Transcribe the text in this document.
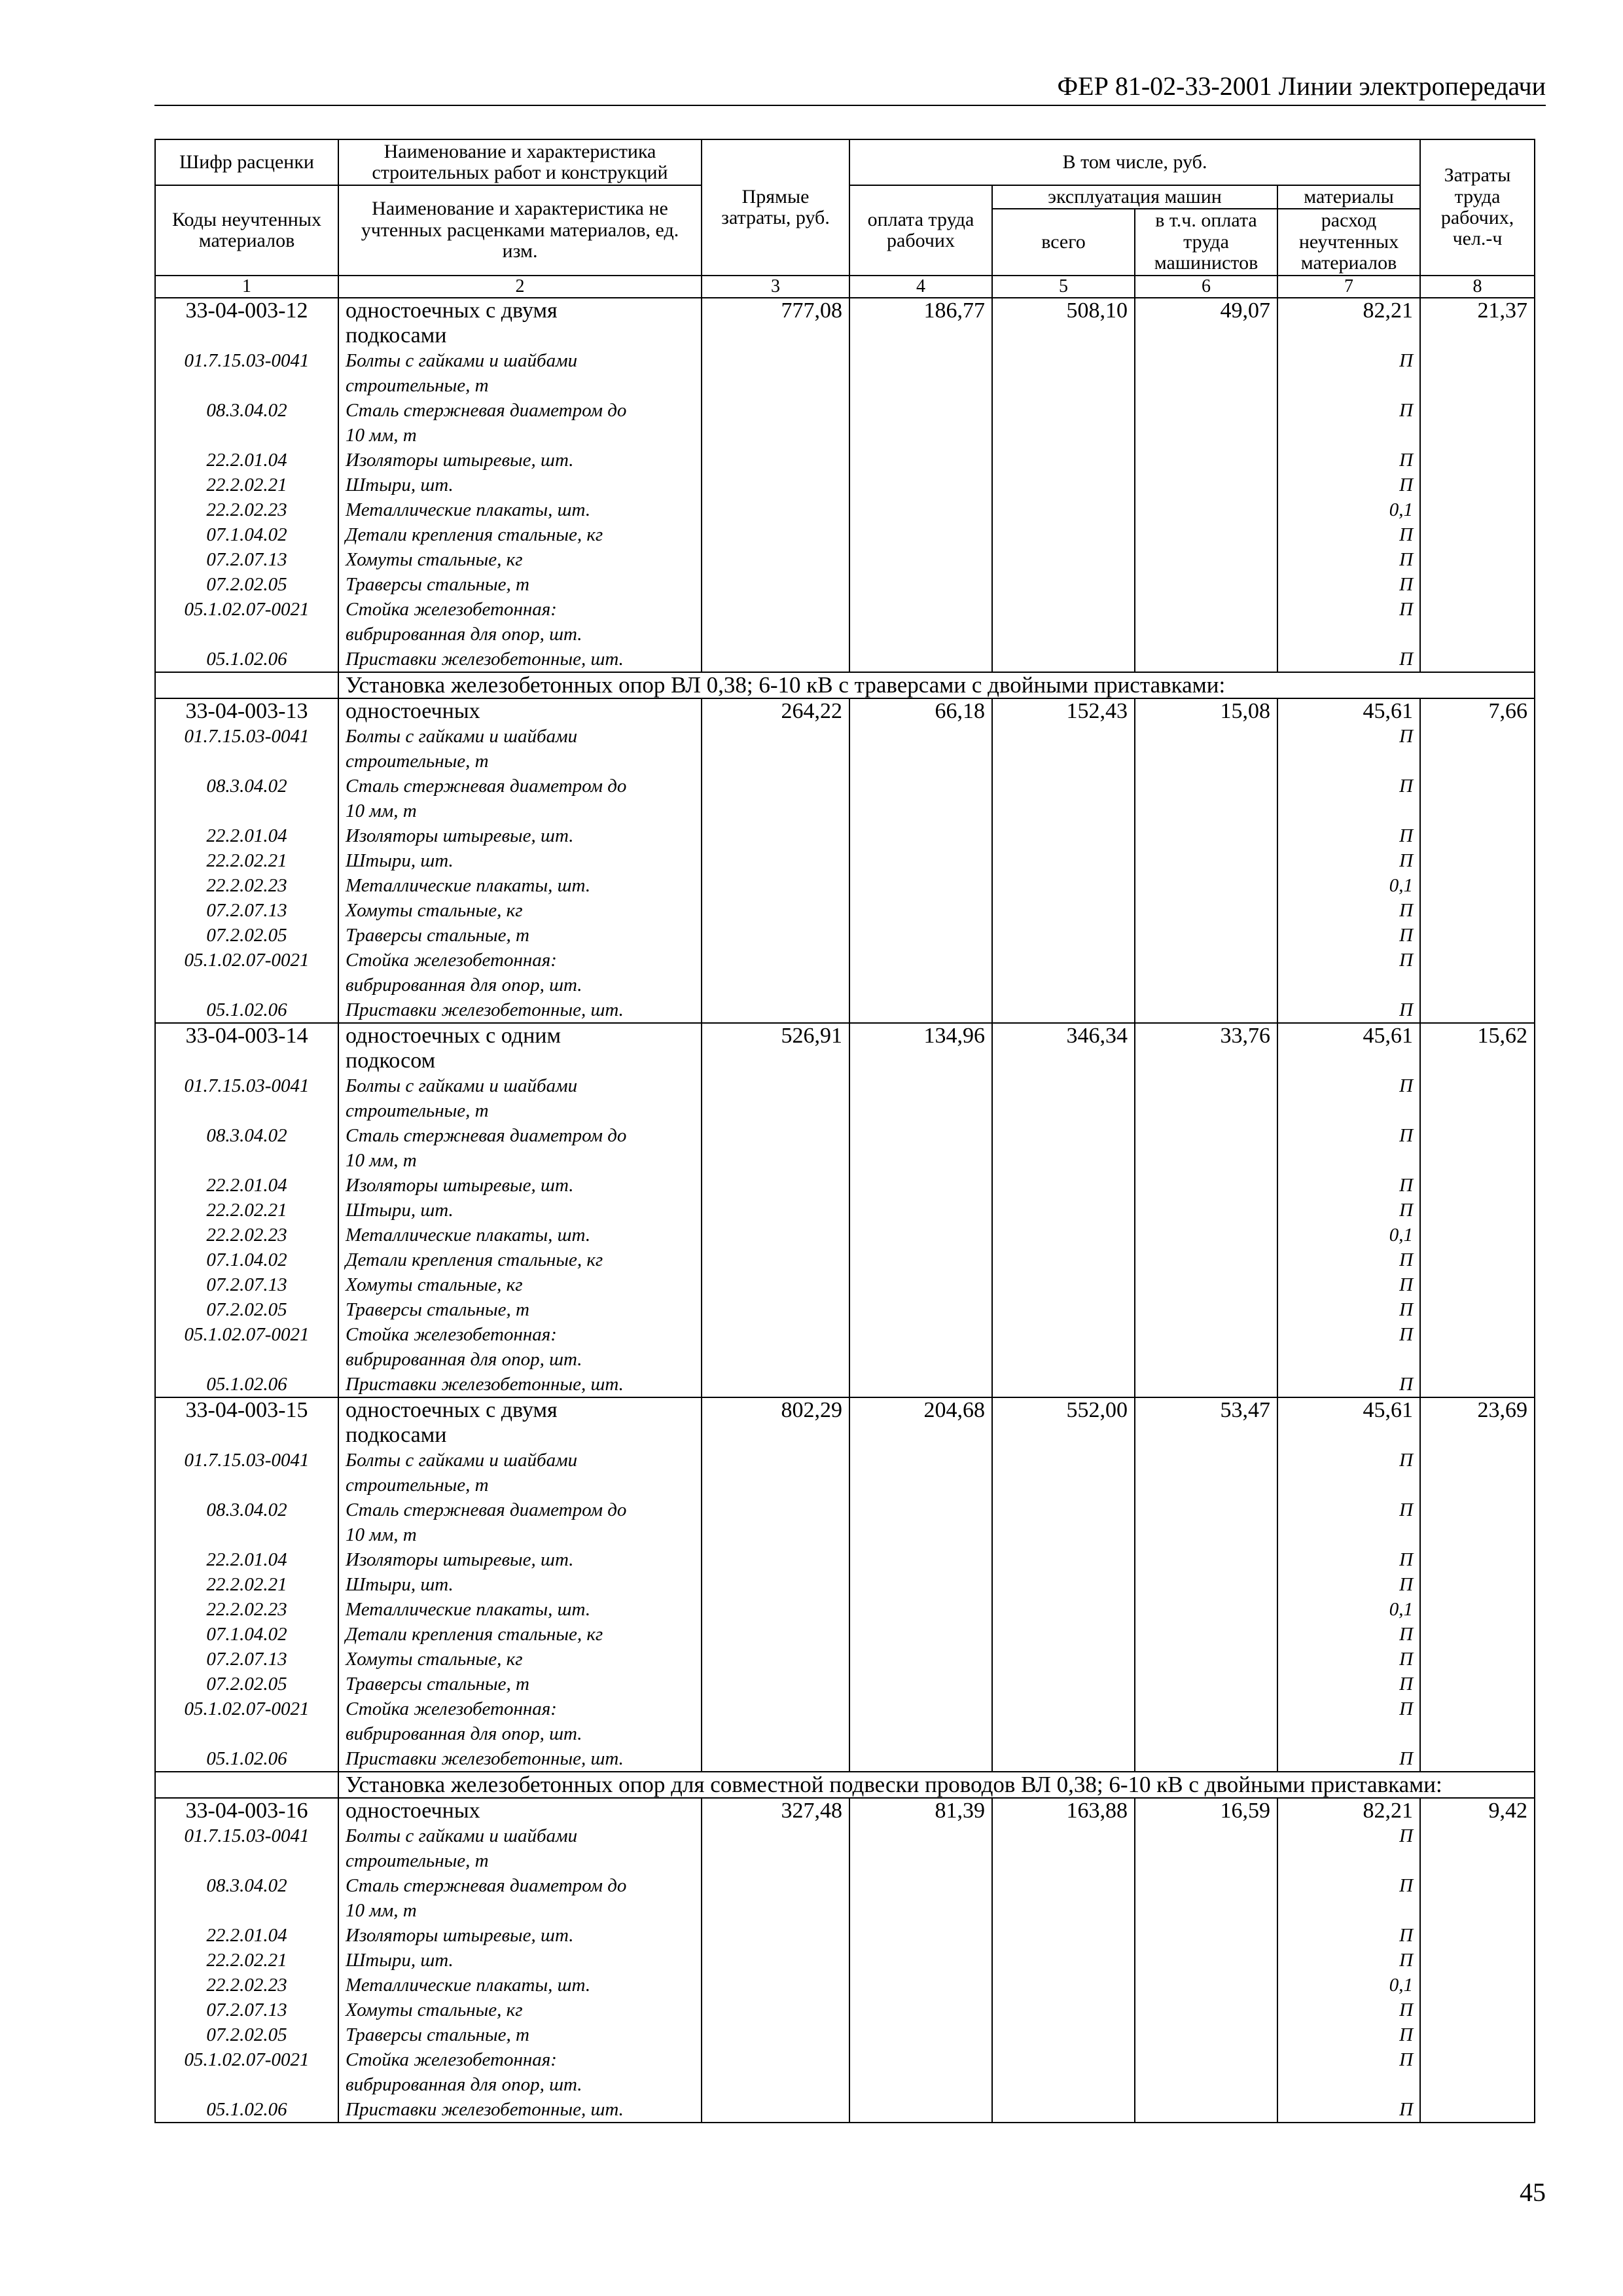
ФЕР 81-02-33-2001 Линии электропередачи
Шифр расценки	Наименование и характеристика строительных работ и конструкций	Прямые затраты, руб.	В том числе, руб.				Затраты труда рабочих, чел.-ч
Коды неучтенных материалов	Наименование и характеристика не учтенных расценками материалов, ед. изм.		оплата труда рабочих	эксплуатация машин		материалы	
				всего	в т.ч. оплата труда машинистов	расход неучтенных материалов	
1	2	3	4	5	6	7	8
33-04-003-12	одностоечных с двумя	777,08	186,77	508,10	49,07	82,21	21,37
	подкосами						
01.7.15.03-0041	Болты с гайками и шайбами					П	
	строительные, т						
08.3.04.02	Сталь стержневая диаметром до					П	
	10 мм, т						
22.2.01.04	Изоляторы штыревые, шт.					П	
22.2.02.21	Штыри, шт.					П	
22.2.02.23	Металлические плакаты, шт.					0,1	
07.1.04.02	Детали крепления стальные, кг					П	
07.2.07.13	Хомуты стальные, кг					П	
07.2.02.05	Траверсы стальные, т					П	
05.1.02.07-0021	Стойка железобетонная:					П	
	вибрированная для опор, шт.						
05.1.02.06	Приставки железобетонные, шт.					П	
	Установка железобетонных опор ВЛ 0,38; 6-10 кВ с траверсами с двойными приставками:						
33-04-003-13	одностоечных	264,22	66,18	152,43	15,08	45,61	7,66
01.7.15.03-0041	Болты с гайками и шайбами					П	
	строительные, т						
08.3.04.02	Сталь стержневая диаметром до					П	
	10 мм, т						
22.2.01.04	Изоляторы штыревые, шт.					П	
22.2.02.21	Штыри, шт.					П	
22.2.02.23	Металлические плакаты, шт.					0,1	
07.2.07.13	Хомуты стальные, кг					П	
07.2.02.05	Траверсы стальные, т					П	
05.1.02.07-0021	Стойка железобетонная:					П	
	вибрированная для опор, шт.						
05.1.02.06	Приставки железобетонные, шт.					П	
33-04-003-14	одностоечных с одним	526,91	134,96	346,34	33,76	45,61	15,62
	подкосом						
01.7.15.03-0041	Болты с гайками и шайбами					П	
	строительные, т						
08.3.04.02	Сталь стержневая диаметром до					П	
	10 мм, т						
22.2.01.04	Изоляторы штыревые, шт.					П	
22.2.02.21	Штыри, шт.					П	
22.2.02.23	Металлические плакаты, шт.					0,1	
07.1.04.02	Детали крепления стальные, кг					П	
07.2.07.13	Хомуты стальные, кг					П	
07.2.02.05	Траверсы стальные, т					П	
05.1.02.07-0021	Стойка железобетонная:					П	
	вибрированная для опор, шт.						
05.1.02.06	Приставки железобетонные, шт.					П	
33-04-003-15	одностоечных с двумя	802,29	204,68	552,00	53,47	45,61	23,69
	подкосами						
01.7.15.03-0041	Болты с гайками и шайбами					П	
	строительные, т						
08.3.04.02	Сталь стержневая диаметром до					П	
	10 мм, т						
22.2.01.04	Изоляторы штыревые, шт.					П	
22.2.02.21	Штыри, шт.					П	
22.2.02.23	Металлические плакаты, шт.					0,1	
07.1.04.02	Детали крепления стальные, кг					П	
07.2.07.13	Хомуты стальные, кг					П	
07.2.02.05	Траверсы стальные, т					П	
05.1.02.07-0021	Стойка железобетонная:					П	
	вибрированная для опор, шт.						
05.1.02.06	Приставки железобетонные, шт.					П	
	Установка железобетонных опор для совместной подвески проводов ВЛ 0,38; 6-10 кВ с двойными приставками:						
33-04-003-16	одностоечных	327,48	81,39	163,88	16,59	82,21	9,42
01.7.15.03-0041	Болты с гайками и шайбами					П	
	строительные, т						
08.3.04.02	Сталь стержневая диаметром до					П	
	10 мм, т						
22.2.01.04	Изоляторы штыревые, шт.					П	
22.2.02.21	Штыри, шт.					П	
22.2.02.23	Металлические плакаты, шт.					0,1	
07.2.07.13	Хомуты стальные, кг					П	
07.2.02.05	Траверсы стальные, т					П	
05.1.02.07-0021	Стойка железобетонная:					П	
	вибрированная для опор, шт.						
05.1.02.06	Приставки железобетонные, шт.					П	
45
